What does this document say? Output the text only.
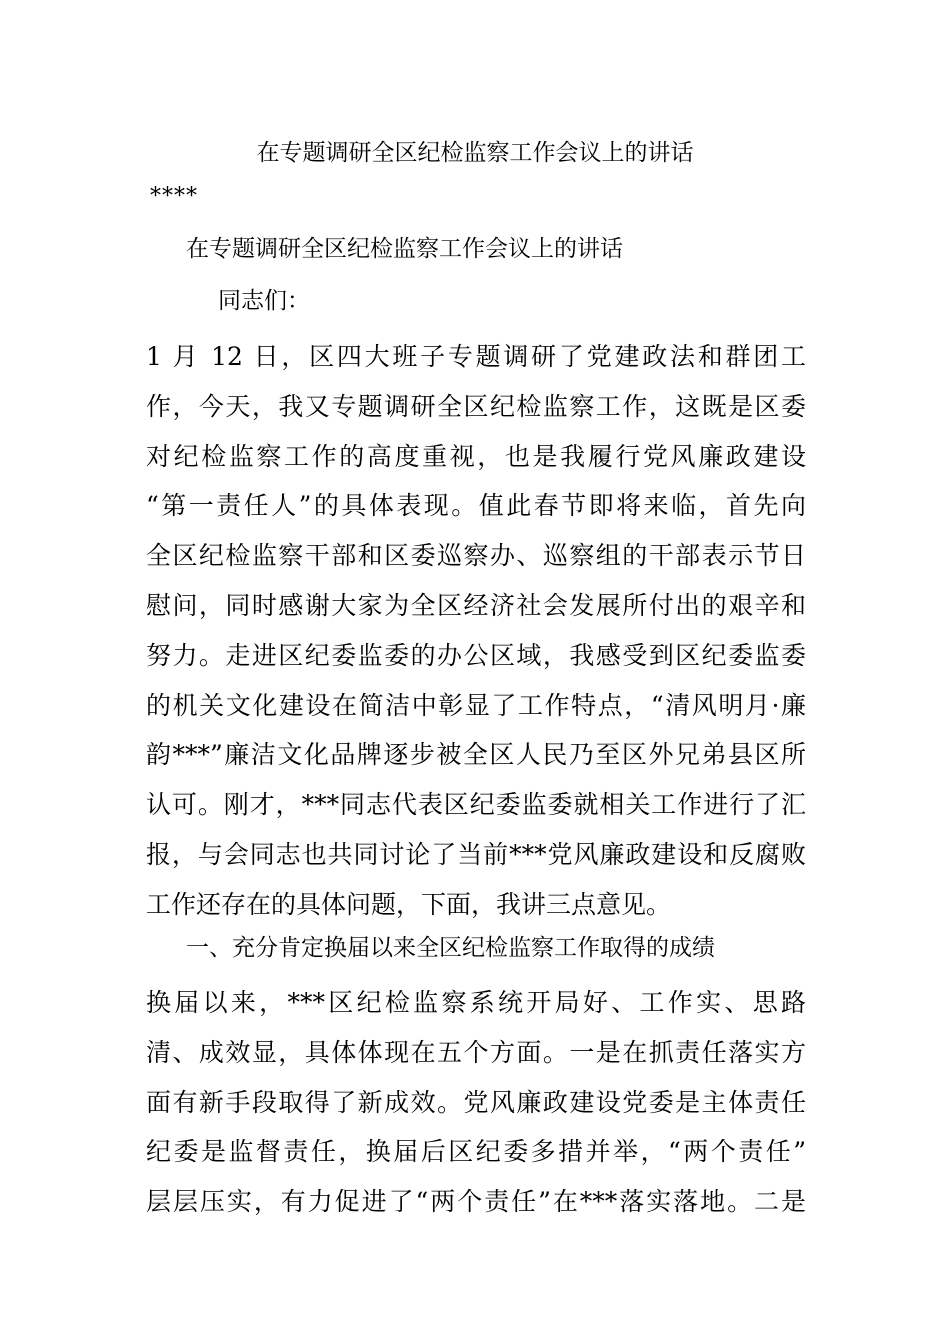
在专题调研全区纪检监察工作会议上的讲话
****
在专题调研全区纪检监察工作会议上的讲话
同志们：
1 月 12 日，区四大班子专题调研了党建政法和群团工
作，今天，我又专题调研全区纪检监察工作，这既是区委
对纪检监察工作的高度重视，也是我履行党风廉政建设
“第一责任人”的具体表现。值此春节即将来临，首先向
全区纪检监察干部和区委巡察办、巡察组的干部表示节日
慰问，同时感谢大家为全区经济社会发展所付出的艰辛和
努力。走进区纪委监委的办公区域，我感受到区纪委监委
的机关文化建设在简洁中彰显了工作特点，“清风明月·廉
韵***”廉洁文化品牌逐步被全区人民乃至区外兄弟县区所
认可。刚才，***同志代表区纪委监委就相关工作进行了汇
报，与会同志也共同讨论了当前***党风廉政建设和反腐败
工作还存在的具体问题，下面，我讲三点意见。
一、充分肯定换届以来全区纪检监察工作取得的成绩
换届以来，***区纪检监察系统开局好、工作实、思路
清、成效显，具体体现在五个方面。一是在抓责任落实方
面有新手段取得了新成效。党风廉政建设党委是主体责任
纪委是监督责任，换届后区纪委多措并举，“两个责任”
层层压实，有力促进了“两个责任”在***落实落地。二是
